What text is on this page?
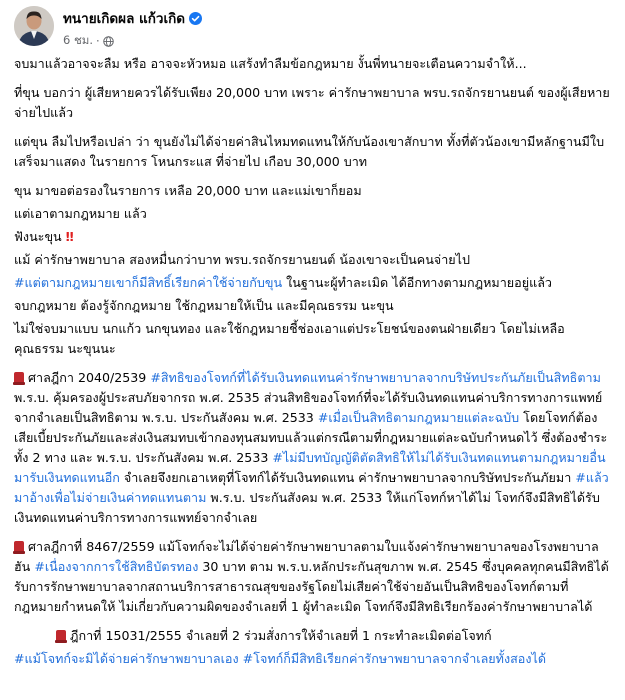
ทนายเกิดผล แก้วเกิด
6 ชม. ·

จบมาแล้วอาจจะลืม หรือ อาจจะหัวหมอ แสร้งทำลืมข้อกฎหมาย งั้นพี่ทนายจะเตือนความจำให้...

ที่ขุน บอกว่า ผู้เสียหายควรได้รับเพียง 20,000 บาท เพราะ ค่ารักษาพยาบาล พรบ.รถจักรยานยนต์ ของผู้เสียหาย จ่ายไปแล้ว

แต่ขุน ลืมไปหรือเปล่า ว่า ขุนยังไม่ได้จ่ายค่าสินไหมทดแทนให้กับน้องเขาสักบาท ทั้งที่ตัวน้องเขามีหลักฐานมีใบเสร็จมาแสดง ในรายการ โหนกระแส ที่จ่ายไป เกือบ 30,000 บาท

ขุน มาขอต่อรองในรายการ เหลือ 20,000 บาท และแม่เขาก็ยอม

แต่เอาตามกฎหมาย แล้ว

ฟังนะขุน ‼

แม้ ค่ารักษาพยาบาล สองหมื่นกว่าบาท พรบ.รถจักรยานยนต์ น้องเขาจะเป็นคนจ่ายไป

#แต่ตามกฎหมายเขาก็มีสิทธิ์เรียกค่าใช้จ่ายกับขุน ในฐานะผู้ทำละเมิด ได้อีกทางตามกฎหมายอยู่แล้ว

จบกฎหมาย ต้องรู้จักกฎหมาย ใช้กฎหมายให้เป็น และมีคุณธรรม นะขุน

ไม่ใช่จบมาแบบ นกแก้ว นกขุนทอง และใช้กฎหมายชี้ช่องเอาแต่ประโยชน์ของตนฝ่ายเดียว โดยไม่เหลือคุณธรรม นะขุนนะ

ศาลฎีกา 2040/2539 #สิทธิของโจทก์ที่ได้รับเงินทดแทนค่ารักษาพยาบาลจากบริษัทประกันภัยเป็นสิทธิตาม พ.ร.บ. คุ้มครองผู้ประสบภัยจากรถ พ.ศ. 2535 ส่วนสิทธิของโจทก์ที่จะได้รับเงินทดแทนค่าบริการทางการแพทย์จากจำเลยเป็นสิทธิตาม พ.ร.บ. ประกันสังคม พ.ศ. 2533 #เมื่อเป็นสิทธิตามกฎหมายแต่ละฉบับ โดยโจทก์ต้องเสียเบี้ยประกันภัยและส่งเงินสมทบเข้ากองทุนสมทบแล้วแต่กรณีตามที่กฎหมายแต่ละฉบับกำหนดไว้ ซึ่งต้องชำระทั้ง 2 ทาง และ พ.ร.บ. ประกันสังคม พ.ศ. 2533 #ไม่มีบทบัญญัติตัดสิทธิให้ไม่ได้รับเงินทดแทนตามกฎหมายอื่นมารับเงินทดแทนอีก จำเลยจึงยกเอาเหตุที่โจทก์ได้รับเงินทดแทน ค่ารักษาพยาบาลจากบริษัทประกันภัยมา #แล้วมาอ้างเพื่อไม่จ่ายเงินค่าทดแทนตาม พ.ร.บ. ประกันสังคม พ.ศ. 2533 ให้แก่โจทก์หาได้ไม่ โจทก์จึงมีสิทธิได้รับเงินทดแทนค่าบริการทางการแพทย์จากจำเลย

ศาลฎีกาที่ 8467/2559 แม้โจทก์จะไม่ได้จ่ายค่ารักษาพยาบาลตามใบแจ้งค่ารักษาพยาบาลของโรงพยาบาลฮัน #เนื่องจากการใช้สิทธิบัตรทอง 30 บาท ตาม พ.ร.บ.หลักประกันสุขภาพ พ.ศ. 2545 ซึ่งบุคคลทุกคนมีสิทธิได้รับการรักษาพยาบาลจากสถานบริการสาธารณสุขของรัฐโดยไม่เสียค่าใช้จ่ายอันเป็นสิทธิของโจทก์ตามที่กฎหมายกำหนดให้ ไม่เกี่ยวกับความผิดของจำเลยที่ 1 ผู้ทำละเมิด โจทก์จึงมีสิทธิเรียกร้องค่ารักษาพยาบาลได้

ฎีกาที่ 15031/2555 จำเลยที่ 2 ร่วมสั่งการให้จำเลยที่ 1 กระทำละเมิดต่อโจทก์

#แม้โจทก์จะมิได้จ่ายค่ารักษาพยาบาลเอง #โจทก์ก็มีสิทธิเรียกค่ารักษาพยาบาลจากจำเลยทั้งสองได้
